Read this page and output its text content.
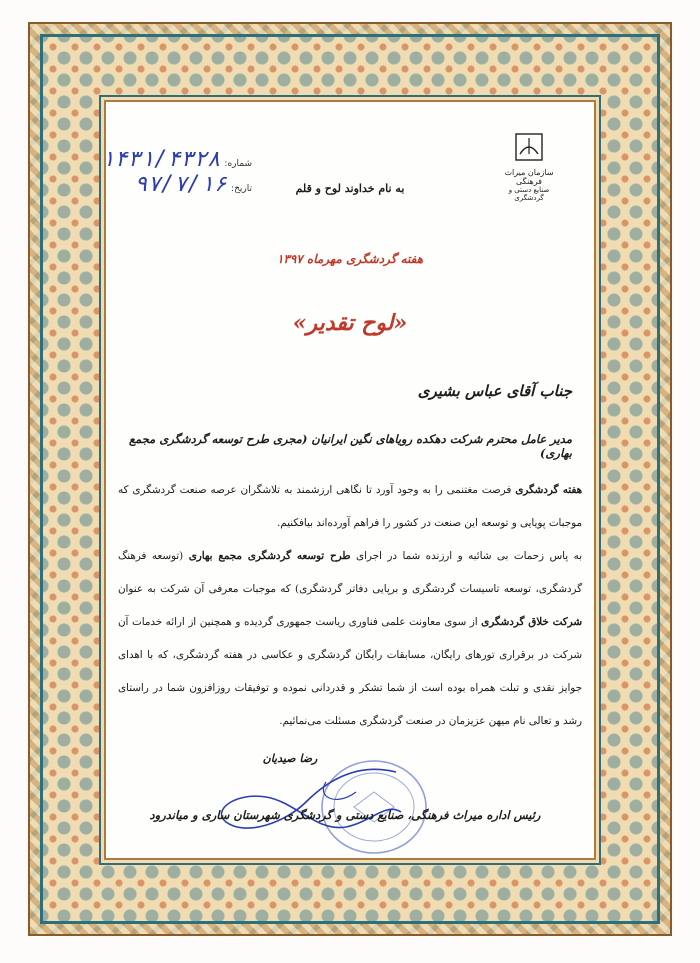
سازمان میراث فرهنگی
صنایع دستی و گردشگری
شماره:
۱۴۳۱/۴۳۲۸
تاریخ:
۹۷/۷/۱۶	به نام خداوند لوح و قلم
هفته گردشگری مهرماه ۱۳۹۷
«لوح تقدیر»
جناب آقای عباس بشیری
مدیر عامل محترم شرکت دهکده رویاهای نگین ایرانیان (مجری طرح توسعه گردشگری مجمع بهاری)

هفته گردشگری فرصت مغتنمی را به وجود آورد تا نگاهی ارزشمند به تلاشگران عرصه صنعت گردشگری که موجبات پویایی و توسعه این صنعت در کشور را فراهم آورده‌اند بیافکنیم.

به پاس زحمات بی شائبه و ارزنده شما در اجرای طرح توسعه گردشگری مجمع بهاری (توسعه فرهنگ گردشگری، توسعه تاسیسات گردشگری و برپایی دفاتر گردشگری) که موجبات معرفی آن شرکت به عنوان شرکت خلاق گردشگری از سوی معاونت علمی فناوری ریاست جمهوری گردیده و همچنین از ارائه خدمات آن شرکت در برقراری تورهای رایگان، مسابقات رایگان گردشگری و عکاسی در هفته گردشگری، که با اهدای جوایز نقدی و تبلت همراه بوده است از شما تشکر و قدردانی نموده و توفیقات روزافزون شما در راستای رشد و تعالی نام میهن عزیزمان در صنعت گردشگری مسئلت می‌نمائیم.

رضا صیدیان
رئیس اداره میراث فرهنگی، صنایع دستی و گردشگری شهرستان ساری و میاندرود
